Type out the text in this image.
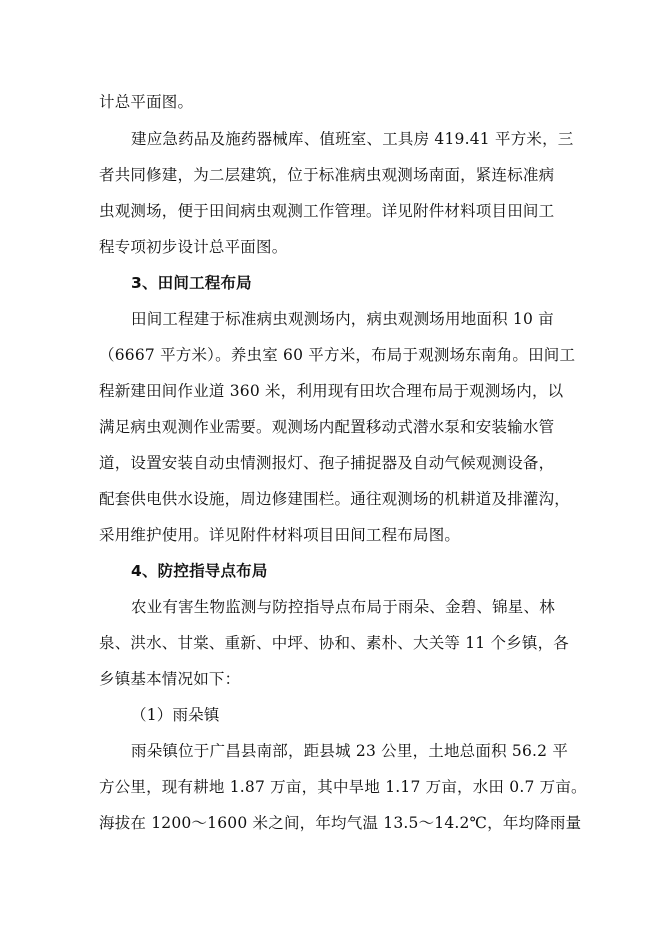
计总平面图。
建应急药品及施药器械库、值班室、工具房 419.41 平方米，三
者共同修建，为二层建筑，位于标准病虫观测场南面，紧连标准病
虫观测场，便于田间病虫观测工作管理。详见附件材料项目田间工
程专项初步设计总平面图。
3、田间工程布局
田间工程建于标准病虫观测场内，病虫观测场用地面积 10 亩
（6667 平方米）。养虫室 60 平方米，布局于观测场东南角。田间工
程新建田间作业道 360 米，利用现有田坎合理布局于观测场内，以
满足病虫观测作业需要。观测场内配置移动式潜水泵和安装输水管
道，设置安装自动虫情测报灯、孢子捕捉器及自动气候观测设备，
配套供电供水设施，周边修建围栏。通往观测场的机耕道及排灌沟，
采用维护使用。详见附件材料项目田间工程布局图。
4、防控指导点布局
农业有害生物监测与防控指导点布局于雨朵、金碧、锦星、林
泉、洪水、甘棠、重新、中坪、协和、素朴、大关等 11 个乡镇，各
乡镇基本情况如下：
（1）雨朵镇
雨朵镇位于广昌县南部，距县城 23 公里，土地总面积 56.2 平
方公里，现有耕地 1.87 万亩，其中旱地 1.17 万亩，水田 0.7 万亩。
海拔在 1200～1600 米之间，年均气温 13.5～14.2℃，年均降雨量
